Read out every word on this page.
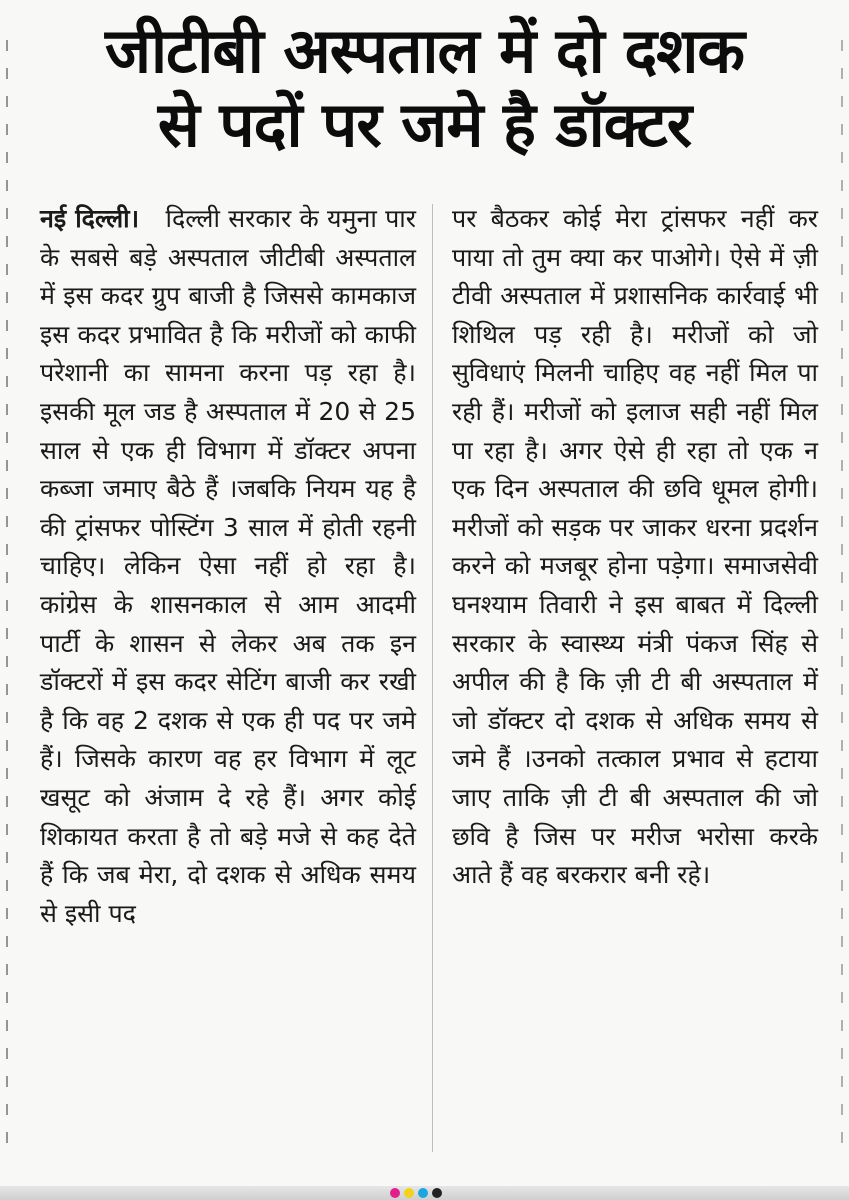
जीटीबी अस्पताल में दो दशक
से पदों पर जमे है डॉक्टर
नई दिल्ली।   दिल्ली सरकार के यमुना पार के सबसे बड़े अस्पताल जीटीबी अस्पताल में इस कदर ग्रुप बाजी है जिससे कामकाज इस कदर प्रभावित है कि मरीजों को काफी परेशानी का सामना करना पड़ रहा है। इसकी मूल जड है अस्पताल में 20 से 25 साल से एक ही विभाग में डॉक्टर अपना कब्जा जमाए बैठे हैं ।जबकि नियम यह है की ट्रांसफर पोस्टिंग 3 साल में होती रहनी चाहिए। लेकिन ऐसा नहीं हो रहा है। कांग्रेस के शासनकाल से आम आदमी पार्टी के शासन से लेकर अब तक इन डॉक्टरों में इस कदर सेटिंग बाजी कर रखी है कि वह 2 दशक से एक ही पद पर जमे हैं। जिसके कारण वह हर विभाग में लूट खसूट को अंजाम दे रहे हैं। अगर कोई शिकायत करता है तो बड़े मजे से कह देते हैं कि जब मेरा, दो दशक से अधिक समय से इसी पद
पर बैठकर कोई मेरा ट्रांसफर नहीं कर पाया तो तुम क्या कर पाओगे। ऐसे में ज़ी टीवी अस्पताल में प्रशासनिक कार्रवाई भी शिथिल पड़ रही है। मरीजों को जो सुविधाएं मिलनी चाहिए वह नहीं मिल पा रही हैं। मरीजों को इलाज सही नहीं मिल पा रहा है। अगर ऐसे ही रहा तो एक न एक दिन अस्पताल की छवि धूमल होगी। मरीजों को सड़क पर जाकर धरना प्रदर्शन करने को मजबूर होना पड़ेगा। समाजसेवी घनश्याम तिवारी ने इस बाबत में दिल्ली सरकार के स्वास्थ्य मंत्री पंकज सिंह से अपील की है कि ज़ी टी बी अस्पताल में जो डॉक्टर दो दशक से अधिक समय से जमे हैं ।उनको तत्काल प्रभाव से हटाया जाए ताकि ज़ी टी बी अस्पताल की जो छवि है जिस पर मरीज भरोसा करके आते हैं वह बरकरार बनी रहे।
